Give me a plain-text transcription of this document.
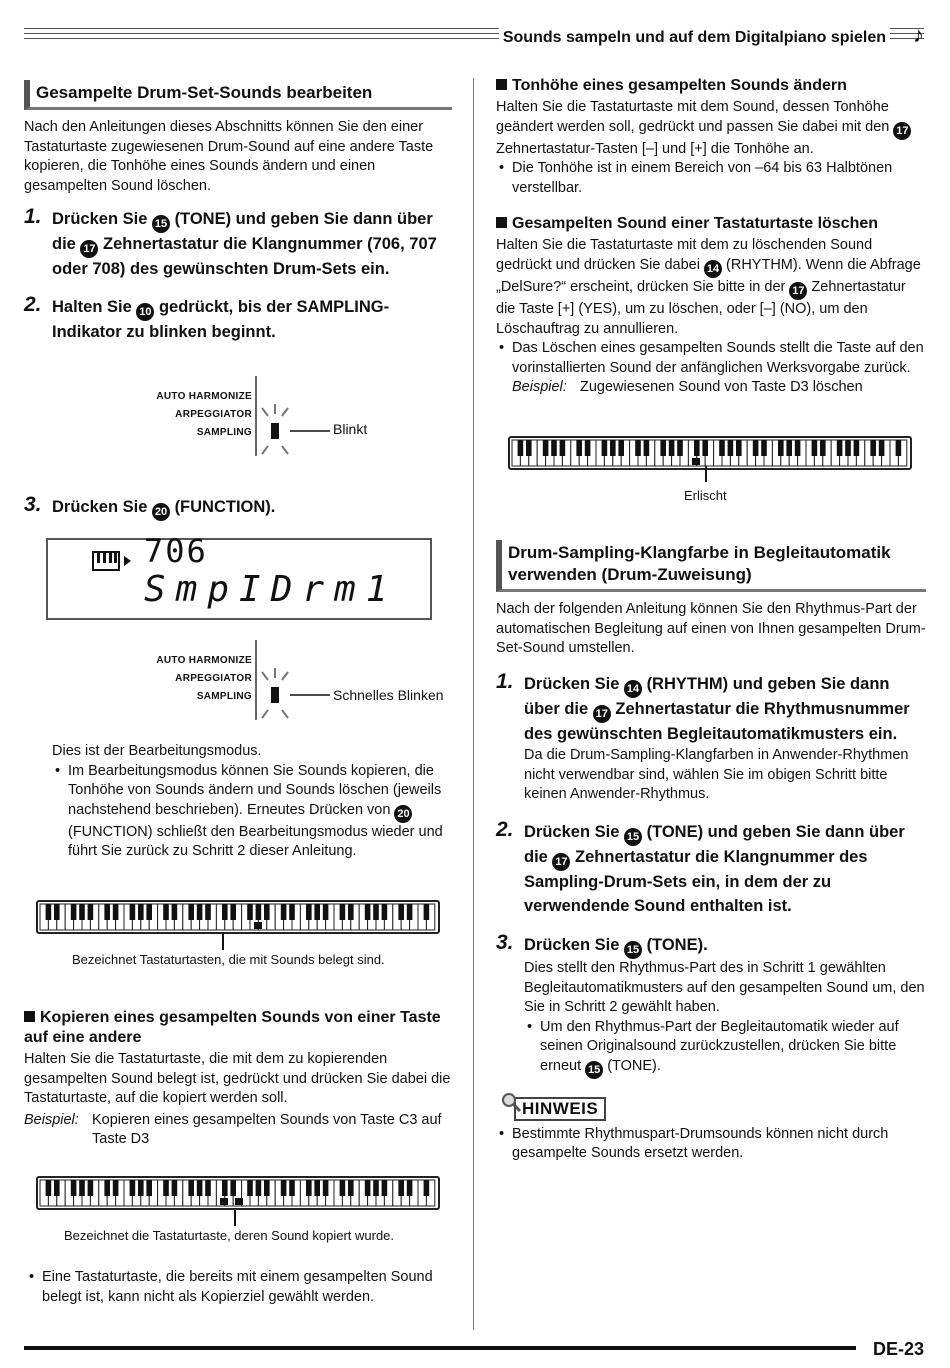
Sounds sampeln und auf dem Digitalpiano spielen ♪
Gesampelte Drum-Set-Sounds bearbeiten

Nach den Anleitungen dieses Abschnitts können Sie den einer Tastaturtaste zugewiesenen Drum-Sound auf eine andere Taste kopieren, die Tonhöhe eines Sounds ändern und einen gesampelten Sound löschen.

1. Drücken Sie 15 (TONE) und geben Sie dann über die 17 Zehnertastatur die Klangnummer (706, 707 oder 708) des gewünschten Drum-Sets ein.
2. Halten Sie 10 gedrückt, bis der SAMPLING-Indikator zu blinken beginnt.
AUTO HARMONIZE
ARPEGGIATOR
SAMPLING	Blinkt
3. Drücken Sie 20 (FUNCTION).
706
SmpIDrm1
AUTO HARMONIZE
ARPEGGIATOR
SAMPLING	Schnelles Blinken

Dies ist der Bearbeitungsmodus.

• Im Bearbeitungsmodus können Sie Sounds kopieren, die Tonhöhe von Sounds ändern und Sounds löschen (jeweils nachstehend beschrieben). Erneutes Drücken von 20 (FUNCTION) schließt den Bearbeitungsmodus wieder und führt Sie zurück zu Schritt 2 dieser Anleitung.
Bezeichnet Tastaturtasten, die mit Sounds belegt sind.
Kopieren eines gesampelten Sounds von einer Taste auf eine andere

Halten Sie die Tastaturtaste, die mit dem zu kopierenden gesampelten Sound belegt ist, gedrückt und drücken Sie dabei die Tastaturtaste, auf die kopiert werden soll.

Beispiel: Kopieren eines gesampelten Sounds von Taste C3 auf Taste D3
Bezeichnet die Tastaturtaste, deren Sound kopiert wurde.
• Eine Tastaturtaste, die bereits mit einem gesampelten Sound belegt ist, kann nicht als Kopierziel gewählt werden.
Tonhöhe eines gesampelten Sounds ändern

Halten Sie die Tastaturtaste mit dem Sound, dessen Tonhöhe geändert werden soll, gedrückt und passen Sie dabei mit den 17 Zehnertastatur-Tasten [–] und [+] die Tonhöhe an.

• Die Tonhöhe ist in einem Bereich von –64 bis 63 Halbtönen verstellbar.
Gesampelten Sound einer Tastaturtaste löschen

Halten Sie die Tastaturtaste mit dem zu löschenden Sound gedrückt und drücken Sie dabei 14 (RHYTHM). Wenn die Abfrage „DelSure?“ erscheint, drücken Sie bitte in der 17 Zehnertastatur die Taste [+] (YES), um zu löschen, oder [–] (NO), um den Löschauftrag zu annullieren.

• Das Löschen eines gesampelten Sounds stellt die Taste auf den vorinstallierten Sound der anfänglichen Werksvorgabe zurück.
Beispiel: Zugewiesenen Sound von Taste D3 löschen
Erlischt
Drum-Sampling-Klangfarbe in Begleitautomatik verwenden (Drum-Zuweisung)

Nach der folgenden Anleitung können Sie den Rhythmus-Part der automatischen Begleitung auf einen von Ihnen gesampelten Drum-Set-Sound umstellen.

1. Drücken Sie 14 (RHYTHM) und geben Sie dann über die 17 Zehnertastatur die Rhythmusnummer des gewünschten Begleitautomatikmusters ein.

Da die Drum-Sampling-Klangfarben in Anwender-Rhythmen nicht verwendbar sind, wählen Sie im obigen Schritt bitte keinen Anwender-Rhythmus.

2. Drücken Sie 15 (TONE) und geben Sie dann über die 17 Zehnertastatur die Klangnummer des Sampling-Drum-Sets ein, in dem der zu verwendende Sound enthalten ist.
3. Drücken Sie 15 (TONE).

Dies stellt den Rhythmus-Part des in Schritt 1 gewählten Begleitautomatikmusters auf den gesampelten Sound um, den Sie in Schritt 2 gewählt haben.

• Um den Rhythmus-Part der Begleitautomatik wieder auf seinen Originalsound zurückzustellen, drücken Sie bitte erneut 15 (TONE).
HINWEIS
• Bestimmte Rhythmuspart-Drumsounds können nicht durch gesampelte Sounds ersetzt werden.
DE-23
